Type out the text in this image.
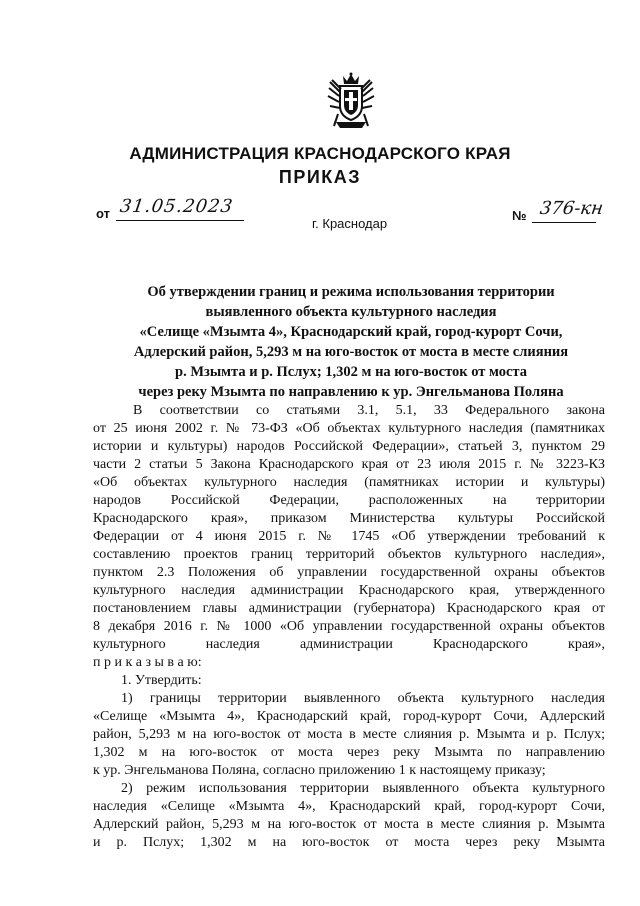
АДМИНИСТРАЦИЯ КРАСНОДАРСКОГО КРАЯ
ПРИКАЗ
от 31.05.2023
г. Краснодар
№ 376-кн
Об утверждении границ и режима использования территории
выявленного объекта культурного наследия
«Селище «Мзымта 4», Краснодарский край, город-курорт Сочи,
Адлерский район, 5,293 м на юго-восток от моста в месте слияния
р. Мзымта и р. Пслух; 1,302 м на юго-восток от моста
через реку Мзымта по направлению к ур. Энгельманова Поляна
В соответствии со статьями 3.1, 5.1, 33 Федерального закона
от 25 июня 2002 г. № 73-ФЗ «Об объектах культурного наследия (памятниках
истории и культуры) народов Российской Федерации», статьей 3, пунктом 29
части 2 статьи 5 Закона Краснодарского края от 23 июля 2015 г. № 3223-КЗ
«Об объектах культурного наследия (памятниках истории и культуры)
народов Российской Федерации, расположенных на территории
Краснодарского края», приказом Министерства культуры Российской
Федерации от 4 июня 2015 г. № 1745 «Об утверждении требований к
составлению проектов границ территорий объектов культурного наследия»,
пунктом 2.3 Положения об управлении государственной охраны объектов
культурного наследия администрации Краснодарского края, утвержденного
постановлением главы администрации (губернатора) Краснодарского края от
8 декабря 2016 г. № 1000 «Об управлении государственной охраны объектов
культурного наследия администрации Краснодарского края»,
п р и к а з ы в а ю:
1. Утвердить:
1) границы территории выявленного объекта культурного наследия
«Селище «Мзымта 4», Краснодарский край, город-курорт Сочи, Адлерский
район, 5,293 м на юго-восток от моста в месте слияния р. Мзымта и р. Пслух;
1,302 м на юго-восток от моста через реку Мзымта по направлению
к ур. Энгельманова Поляна, согласно приложению 1 к настоящему приказу;
2) режим использования территории выявленного объекта культурного
наследия «Селище «Мзымта 4», Краснодарский край, город-курорт Сочи,
Адлерский район, 5,293 м на юго-восток от моста в месте слияния р. Мзымта
и р. Пслух; 1,302 м на юго-восток от моста через реку Мзымта
